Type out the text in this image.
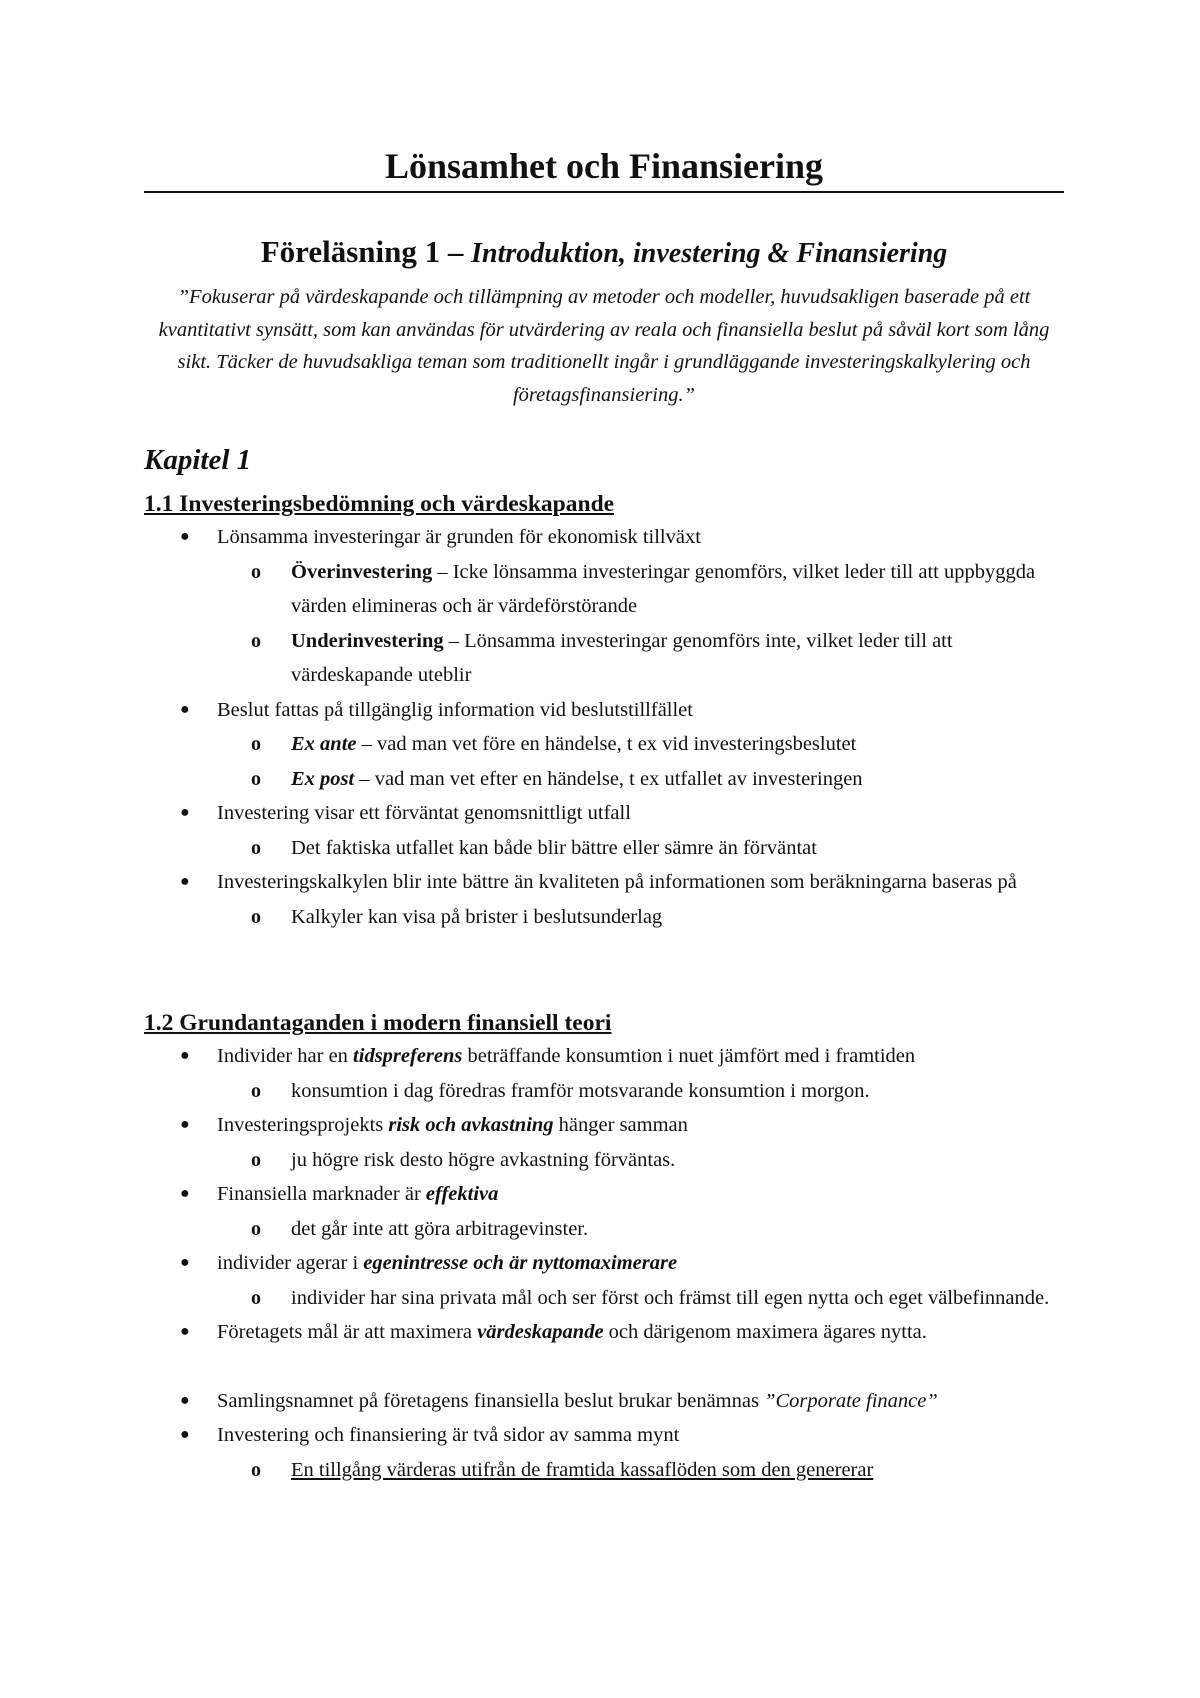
Lönsamhet och Finansiering
Föreläsning 1 – Introduktion, investering & Finansiering

”Fokuserar på värdeskapande och tillämpning av metoder och modeller, huvudsakligen baserade på ett kvantitativt synsätt, som kan användas för utvärdering av reala och finansiella beslut på såväl kort som lång sikt. Täcker de huvudsakliga teman som traditionellt ingår i grundläggande investeringskalkylering och företagsfinansiering.”

Kapitel 1
1.1 Investeringsbedömning och värdeskapande
● Lönsamma investeringar är grunden för ekonomisk tillväxt
o Överinvestering – Icke lönsamma investeringar genomförs, vilket leder till att uppbyggda värden elimineras och är värdeförstörande
o Underinvestering – Lönsamma investeringar genomförs inte, vilket leder till att värdeskapande uteblir
● Beslut fattas på tillgänglig information vid beslutstillfället
o Ex ante – vad man vet före en händelse, t ex vid investeringsbeslutet
o Ex post – vad man vet efter en händelse, t ex utfallet av investeringen
● Investering visar ett förväntat genomsnittligt utfall
o Det faktiska utfallet kan både blir bättre eller sämre än förväntat
● Investeringskalkylen blir inte bättre än kvaliteten på informationen som beräkningarna baseras på
o Kalkyler kan visa på brister i beslutsunderlag
1.2 Grundantaganden i modern finansiell teori
● Individer har en tidspreferens beträffande konsumtion i nuet jämfört med i framtiden
o konsumtion i dag föredras framför motsvarande konsumtion i morgon.
● Investeringsprojekts risk och avkastning hänger samman
o ju högre risk desto högre avkastning förväntas.
● Finansiella marknader är effektiva
o det går inte att göra arbitragevinster.
● individer agerar i egenintresse och är nyttomaximerare
o individer har sina privata mål och ser först och främst till egen nytta och eget välbefinnande.
● Företagets mål är att maximera värdeskapande och därigenom maximera ägares nytta.
● Samlingsnamnet på företagens finansiella beslut brukar benämnas ”Corporate finance”
● Investering och finansiering är två sidor av samma mynt
o En tillgång värderas utifrån de framtida kassaflöden som den genererar
